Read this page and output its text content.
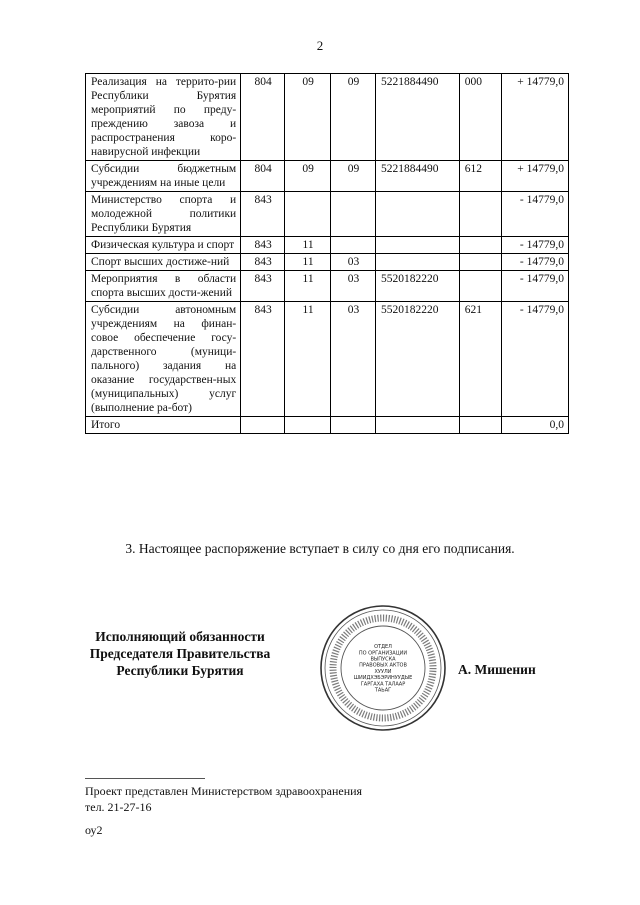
2
Реализация на террито-рии Республики Бурятия мероприятий по преду-преждению завоза и распространения коро-навирусной инфекции	804	09	09	5221884490	000	+ 14779,0
Субсидии бюджетным учреждениям на иные цели	804	09	09	5221884490	612	+ 14779,0
Министерство спорта и молодежной политики Республики Бурятия	843					- 14779,0
Физическая культура и спорт	843	11				- 14779,0
Спорт высших достиже-ний	843	11	03			- 14779,0
Мероприятия в области спорта высших дости-жений	843	11	03	5520182220		- 14779,0
Субсидии автономным учреждениям на финан-совое обеспечение госу-дарственного (муници-пального) задания на оказание государствен-ных (муниципальных) услуг (выполнение ра-бот)	843	11	03	5520182220	621	- 14779,0
Итого						0,0
3. Настоящее распоряжение вступает в силу со дня его подписания.
Исполняющий обязанности
Председателя Правительства
Республики Бурятия
ОТДЕЛ
ПО ОРГАНИЗАЦИИ
ВЫПУСКА
ПРАВОВЫХ АКТОВ
ХУУЛИ
ШИИДХЭБЭРИНУУДЫЕ
ГАРГАХА ТАЛААР
ТАЬАГ
А. Мишенин
Проект представлен Министерством здравоохранения
тел. 21-27-16
оу2
